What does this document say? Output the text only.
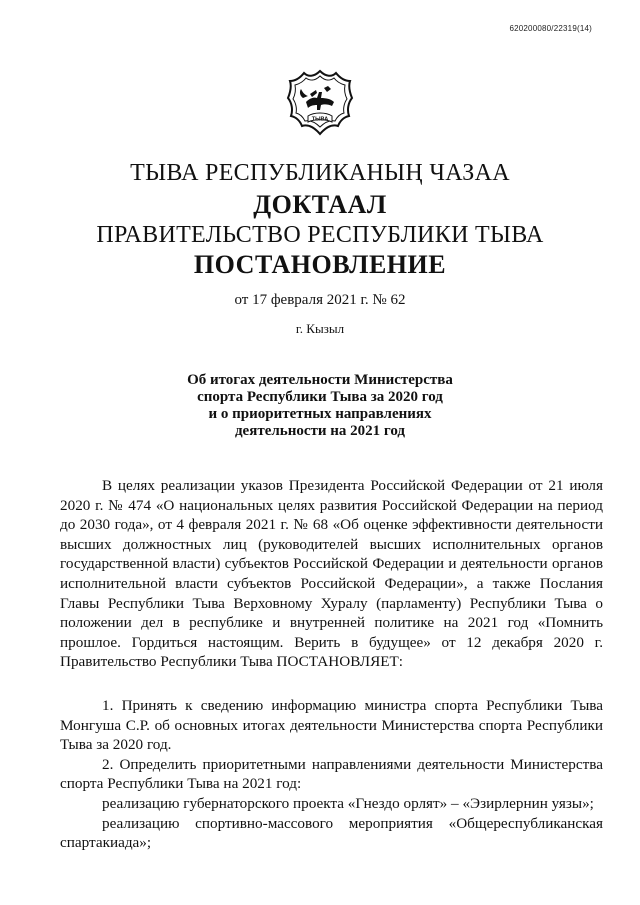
620200080/22319(14)
ТЫВА
ТЫВА РЕСПУБЛИКАНЫҢ ЧАЗАА
ДОКТААЛ
ПРАВИТЕЛЬСТВО РЕСПУБЛИКИ ТЫВА
ПОСТАНОВЛЕНИЕ
от 17 февраля 2021 г. № 62
г. Кызыл
Об итогах деятельности Министерства
спорта Республики Тыва за 2020 год
и о приоритетных направлениях
деятельности на 2021 год

В целях реализации указов Президента Российской Федерации от 21 июля 2020 г. № 474 «О национальных целях развития Российской Федерации на период до 2030 года», от 4 февраля 2021 г. № 68 «Об оценке эффективности деятельности высших должностных лиц (руководителей высших исполнительных органов государственной власти) субъектов Российской Федерации и деятельности органов исполнительной власти субъектов Российской Федерации», а также Послания Главы Республики Тыва Верховному Хуралу (парламенту) Республики Тыва о положении дел в республике и внутренней политике на 2021 год «Помнить прошлое. Гордиться настоящим. Верить в будущее» от 12 декабря 2020 г. Правительство Республики Тыва ПОСТАНОВЛЯЕТ:

1. Принять к сведению информацию министра спорта Республики Тыва Монгуша С.Р. об основных итогах деятельности Министерства спорта Республики Тыва за 2020 год.

2. Определить приоритетными направлениями деятельности Министерства спорта Республики Тыва на 2021 год:

реализацию губернаторского проекта «Гнездо орлят» – «Эзирлернин уязы»;

реализацию спортивно-массового мероприятия «Общереспубликанская спартакиада»;
